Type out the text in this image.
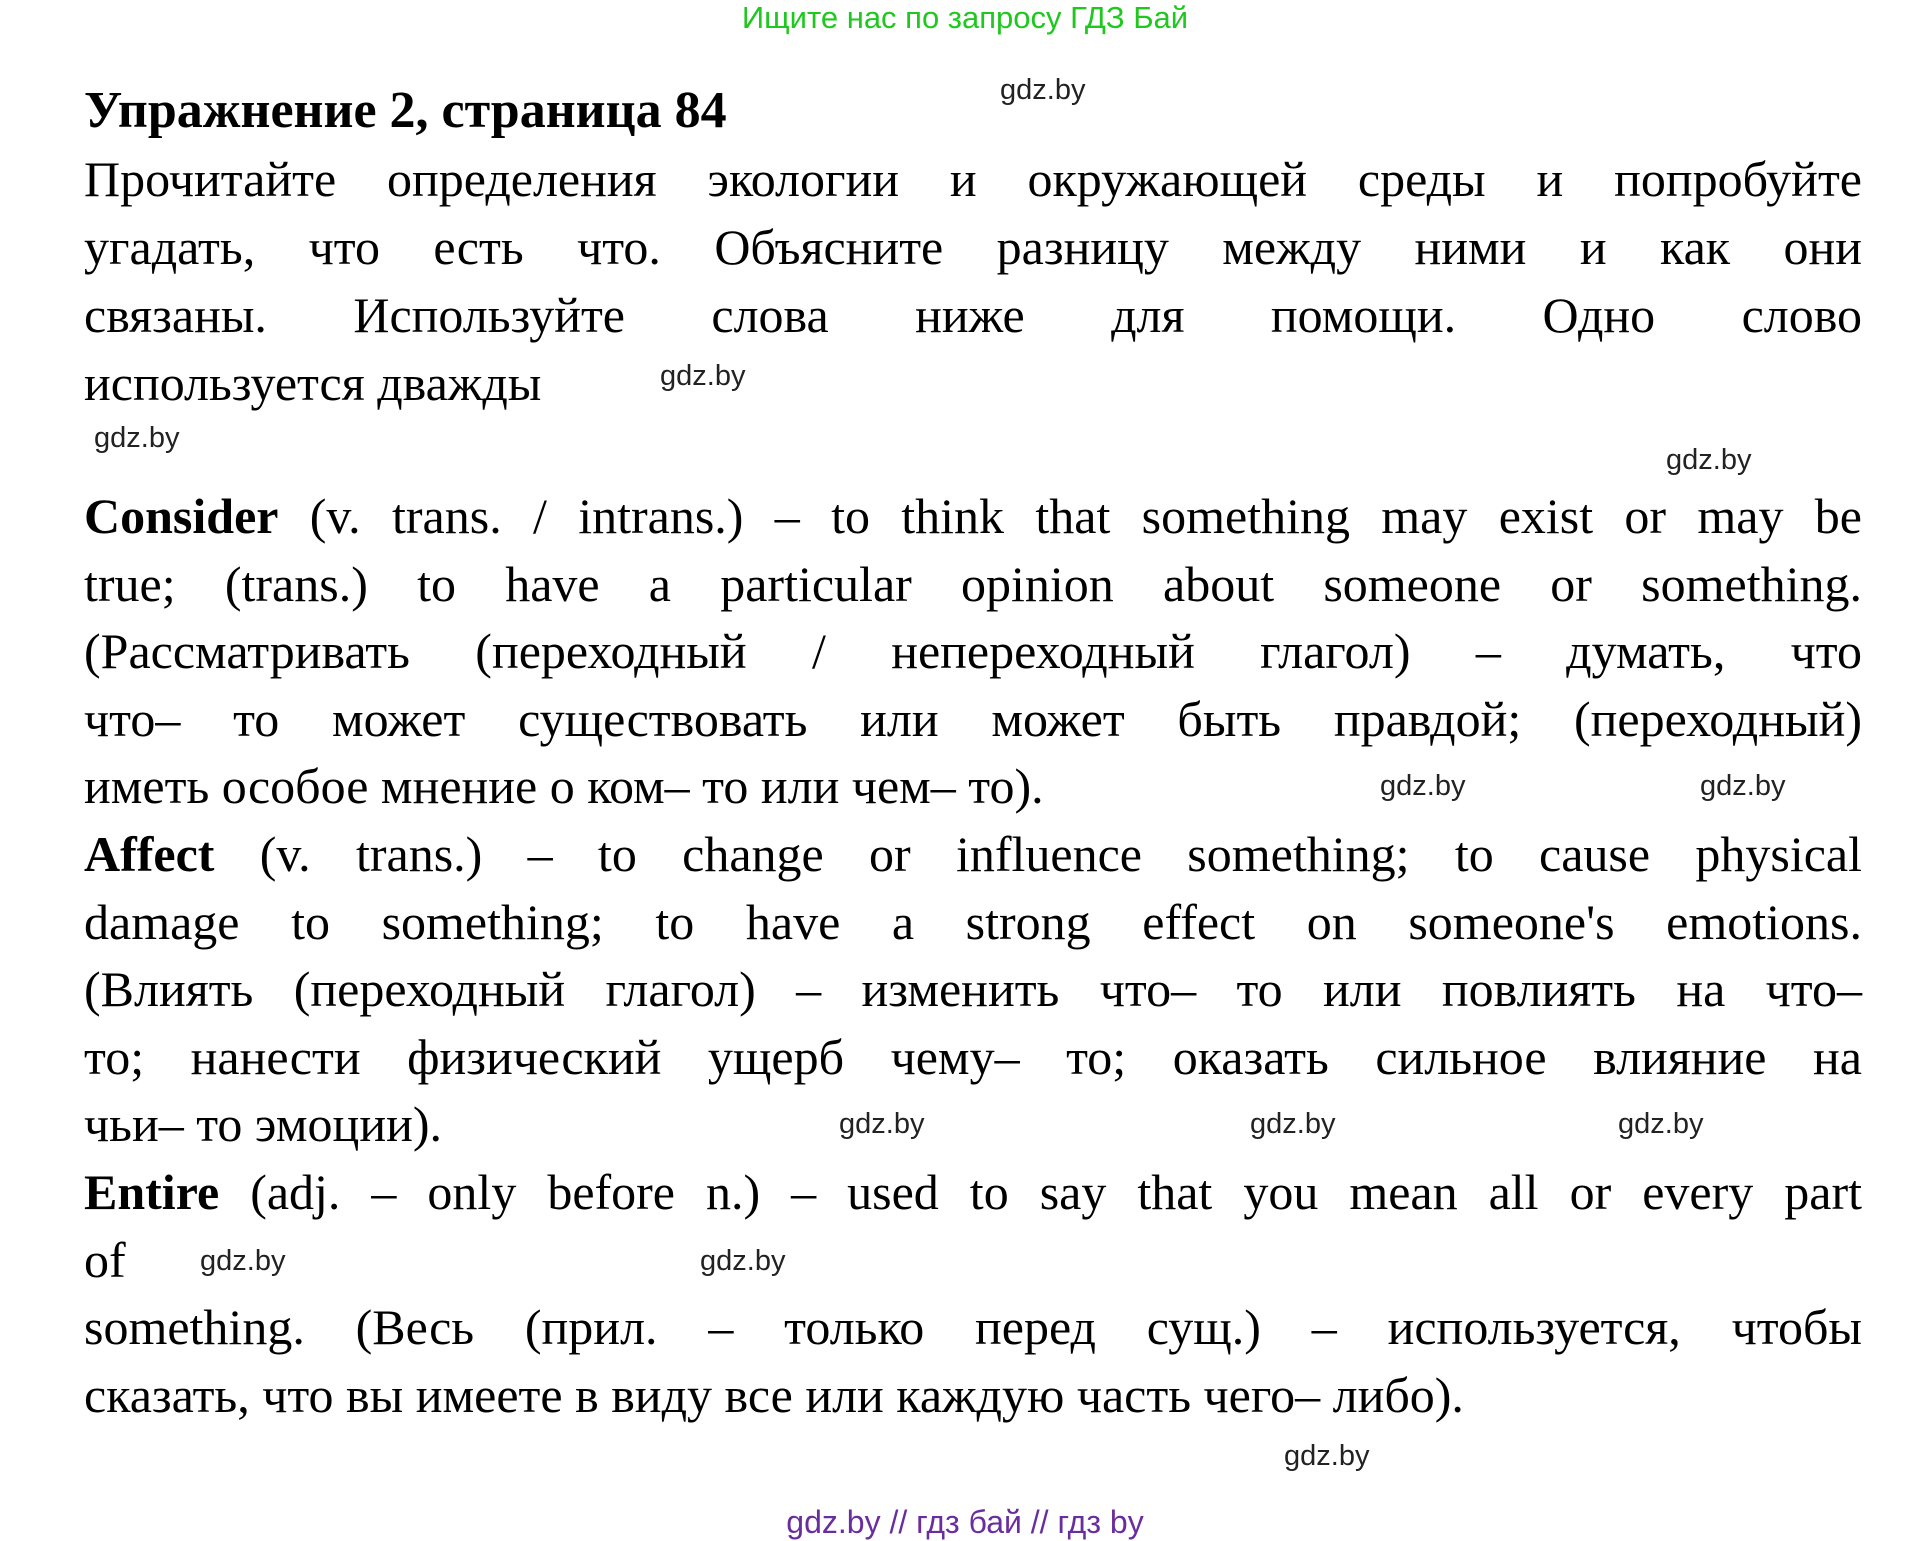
Ищите нас по запросу ГДЗ Бай
Упражнение 2, страница 84
Прочитайте определения экологии и окружающей среды и попробуйте
угадать, что есть что. Объясните разницу между ними и как они
связаны. Используйте слова ниже для помощи. Одно слово
используется дважды
Consider (v. trans. / intrans.) – to think that something may exist or may be
true; (trans.) to have a particular opinion about someone or something.
(Рассматривать (переходный / непереходный глагол) – думать, что
что– то может существовать или может быть правдой; (переходный)
иметь особое мнение о ком– то или чем– то).
Affect (v. trans.) – to change or influence something; to cause physical
damage to something; to have a strong effect on someone's emotions.
(Влиять (переходный глагол) – изменить что– то или повлиять на что–
то; нанести физический ущерб чему– то; оказать сильное влияние на
чьи– то эмоции).
Entire (adj. – only before n.) – used to say that you mean all or every part
of
something. (Весь (прил. – только перед сущ.) – используется, чтобы
сказать, что вы имеете в виду все или каждую часть чего– либо).
gdz.by
gdz.by
gdz.by
gdz.by
gdz.by	gdz.by
gdz.by	gdz.by	gdz.by
gdz.by	gdz.by
gdz.by
gdz.by // гдз бай // гдз by
